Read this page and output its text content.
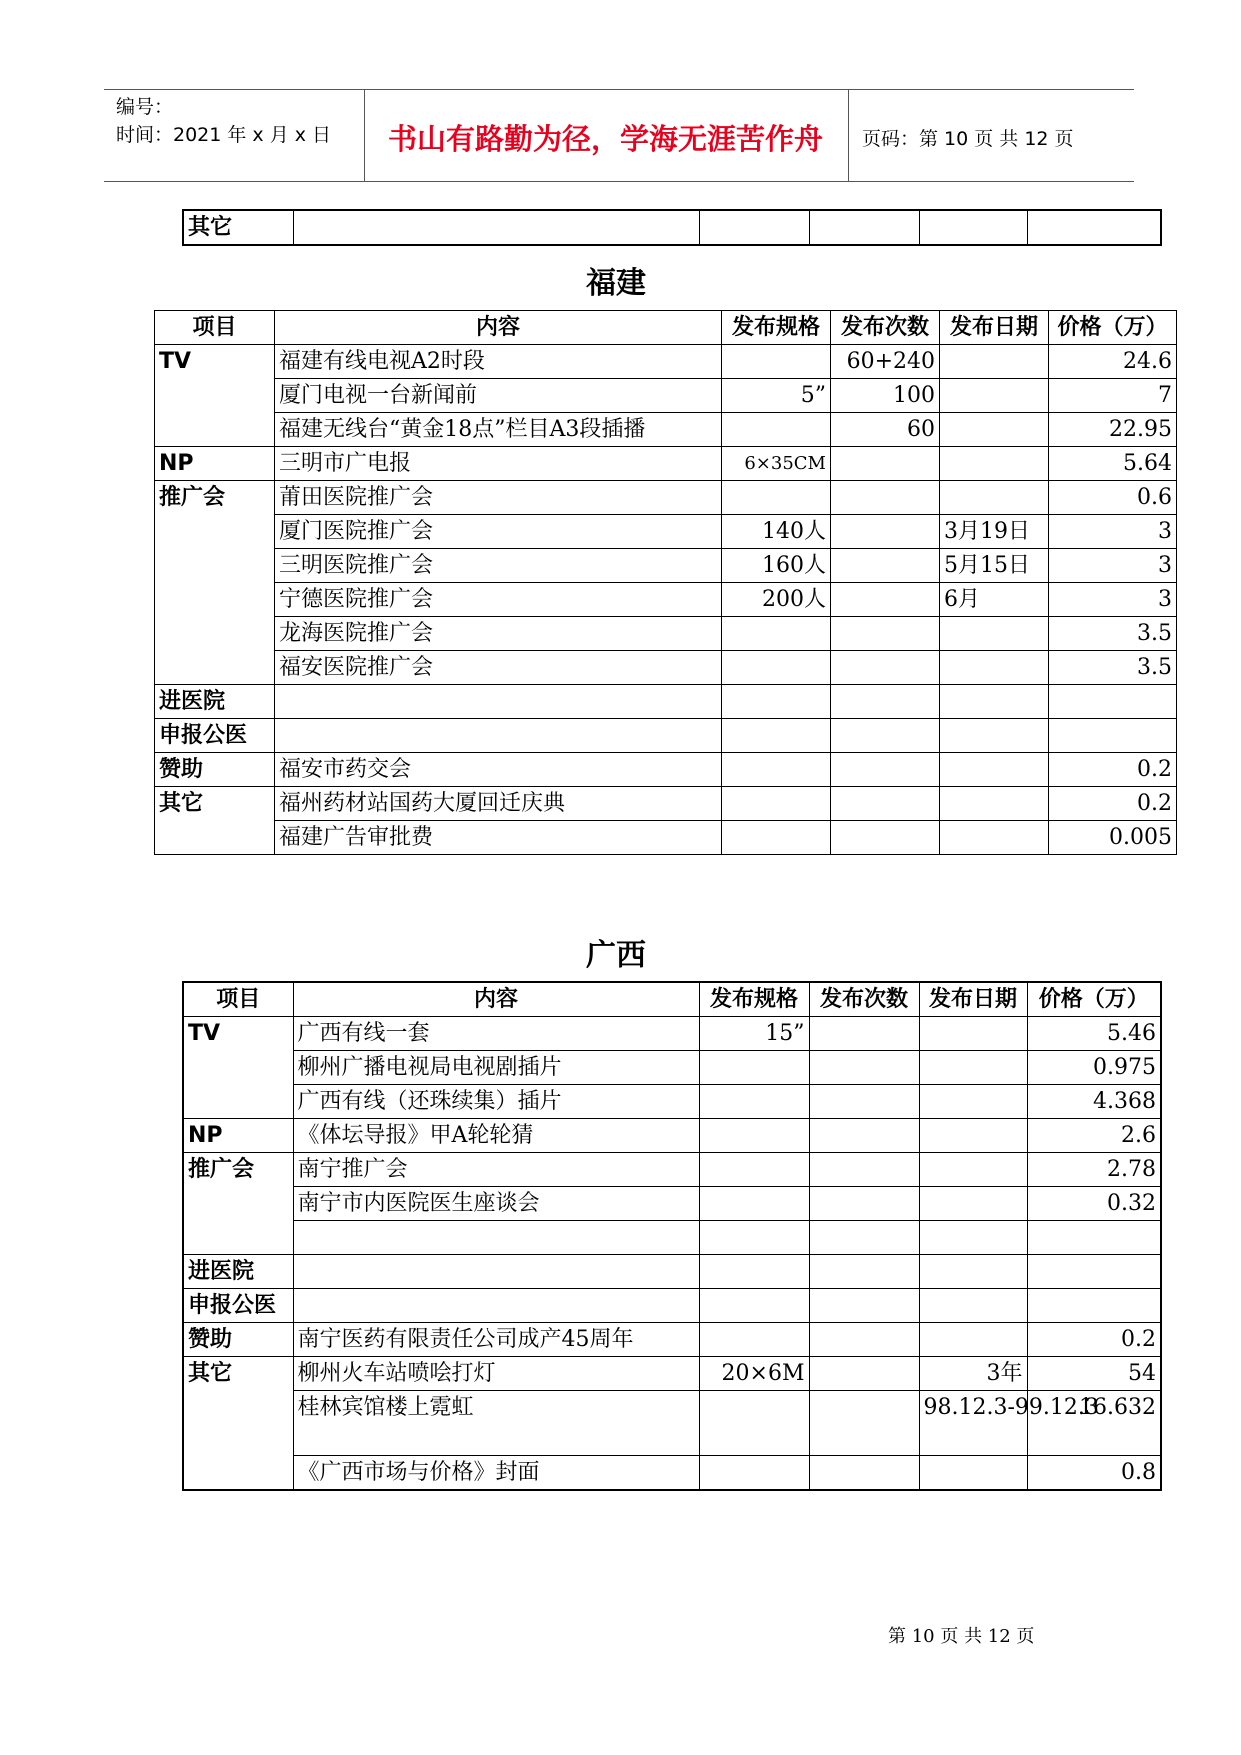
编号：
时间：2021 年 x 月 x 日 书山有路勤为径，学海无涯苦作舟 页码：第 10 页 共 12 页
其它					
福建
项目	内容	发布规格	发布次数	发布日期	价格（万）
TV	福建有线电视A2时段		60+240		24.6
	厦门电视一台新闻前	5”	100		7
	福建无线台“黄金18点”栏目A3段插播		60		22.95
NP	三明市广电报	6×35CM			5.64
推广会	莆田医院推广会				0.6
	厦门医院推广会	140人		3月19日	3
	三明医院推广会	160人		5月15日	3
	宁德医院推广会	200人		6月	3
	龙海医院推广会				3.5
	福安医院推广会				3.5
进医院					
申报公医					
赞助	福安市药交会				0.2
其它	福州药材站国药大厦回迁庆典				0.2
	福建广告审批费				0.005
广西
项目	内容	发布规格	发布次数	发布日期	价格（万）
TV	广西有线一套	15”			5.46
	柳州广播电视局电视剧插片				0.975
	广西有线（还珠续集）插片				4.368
NP	《体坛导报》甲A轮轮猜				2.6
推广会	南宁推广会				2.78
	南宁市内医院医生座谈会				0.32

进医院					
申报公医					
赞助	南宁医药有限责任公司成产45周年				0.2
其它	柳州火车站喷哙打灯	20×6M		3年	54
	桂林宾馆楼上霓虹			98.12.3-99.12.3	16.632
	《广西市场与价格》封面				0.8
第 10 页 共 12 页
